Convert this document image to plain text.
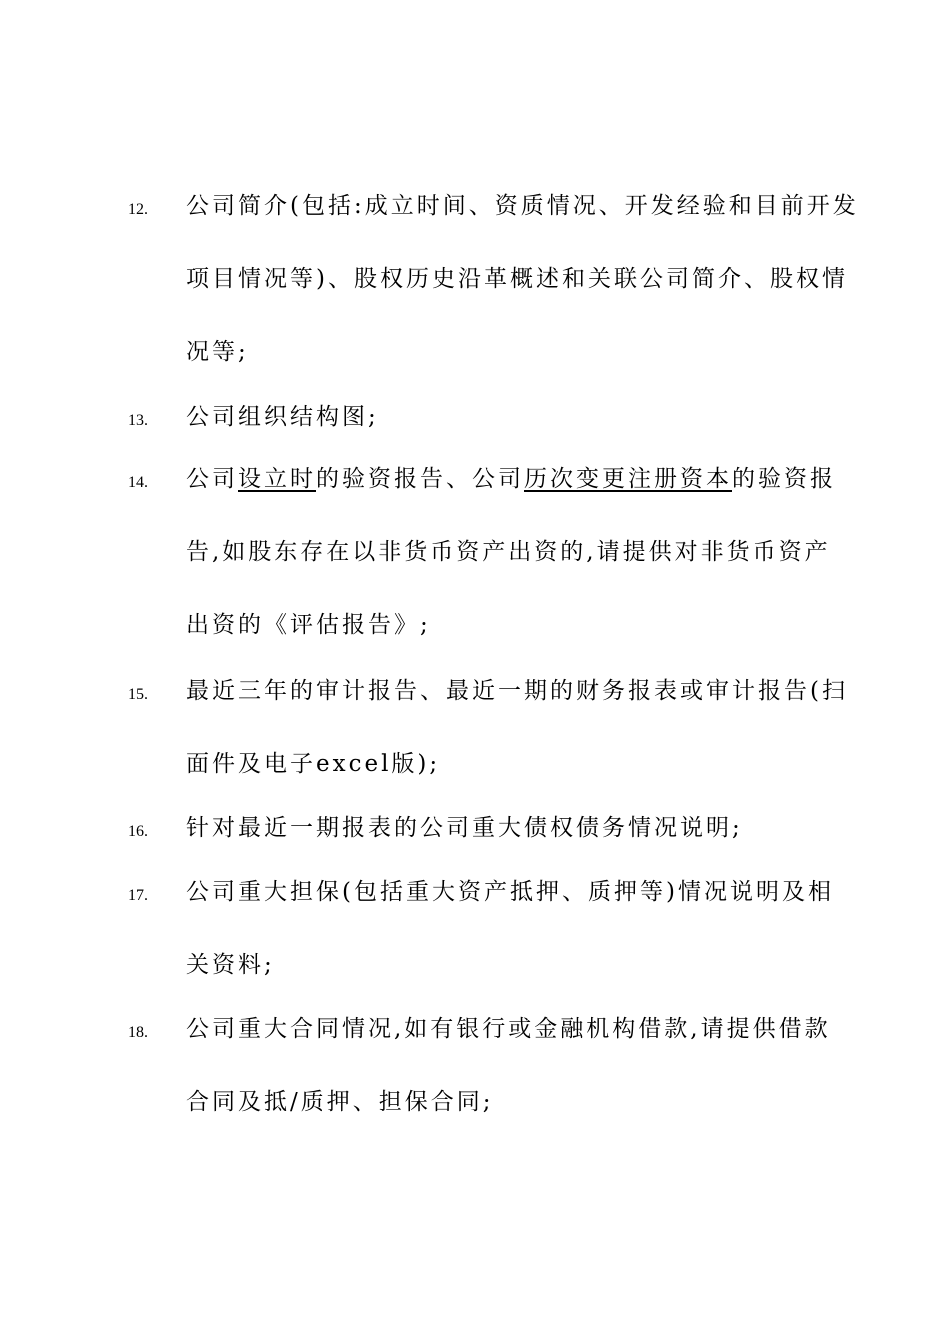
12. 公司简介(包括:成立时间、资质情况、开发经验和目前开发
项目情况等)、股权历史沿革概述和关联公司简介、股权情
况等;
13. 公司组织结构图;
14. 公司设立时的验资报告、公司历次变更注册资本的验资报
告,如股东存在以非货币资产出资的,请提供对非货币资产
出资的《评估报告》;
15. 最近三年的审计报告、最近一期的财务报表或审计报告(扫
面件及电子excel版);
16. 针对最近一期报表的公司重大债权债务情况说明;
17. 公司重大担保(包括重大资产抵押、质押等)情况说明及相
关资料;
18. 公司重大合同情况,如有银行或金融机构借款,请提供借款
合同及抵/质押、担保合同;
